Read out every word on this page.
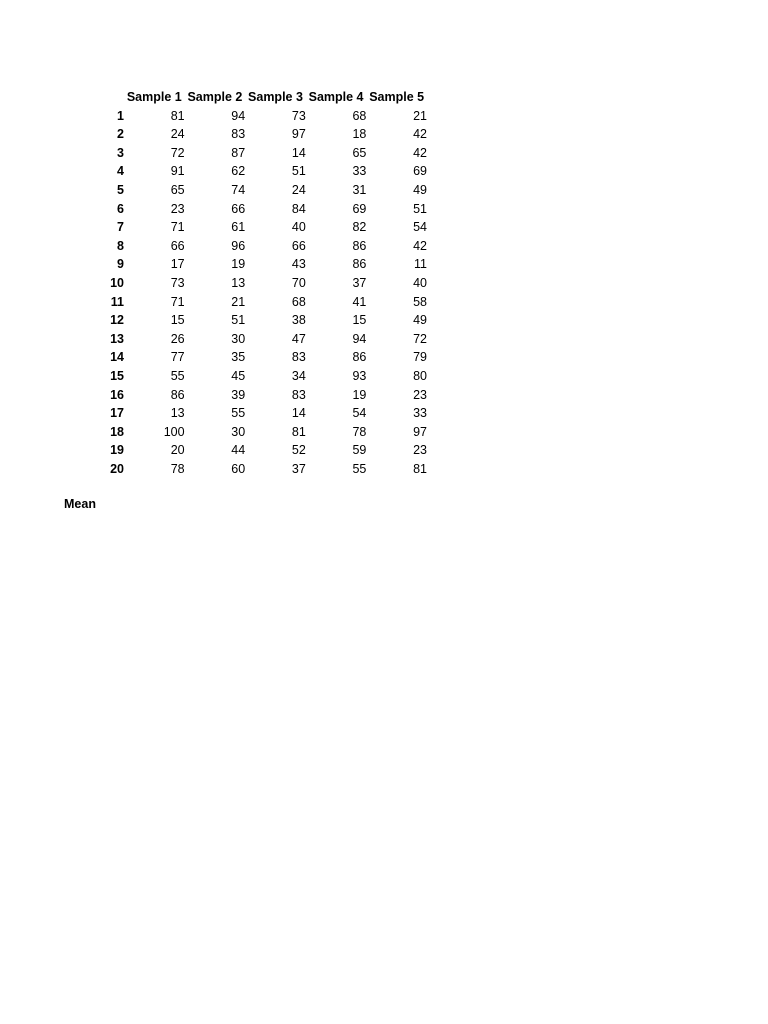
	Sample 1	Sample 2	Sample 3	Sample 4	Sample 5
1	81	94	73	68	21
2	24	83	97	18	42
3	72	87	14	65	42
4	91	62	51	33	69
5	65	74	24	31	49
6	23	66	84	69	51
7	71	61	40	82	54
8	66	96	66	86	42
9	17	19	43	86	11
10	73	13	70	37	40
11	71	21	68	41	58
12	15	51	38	15	49
13	26	30	47	94	72
14	77	35	83	86	79
15	55	45	34	93	80
16	86	39	83	19	23
17	13	55	14	54	33
18	100	30	81	78	97
19	20	44	52	59	23
20	78	60	37	55	81
Mean
